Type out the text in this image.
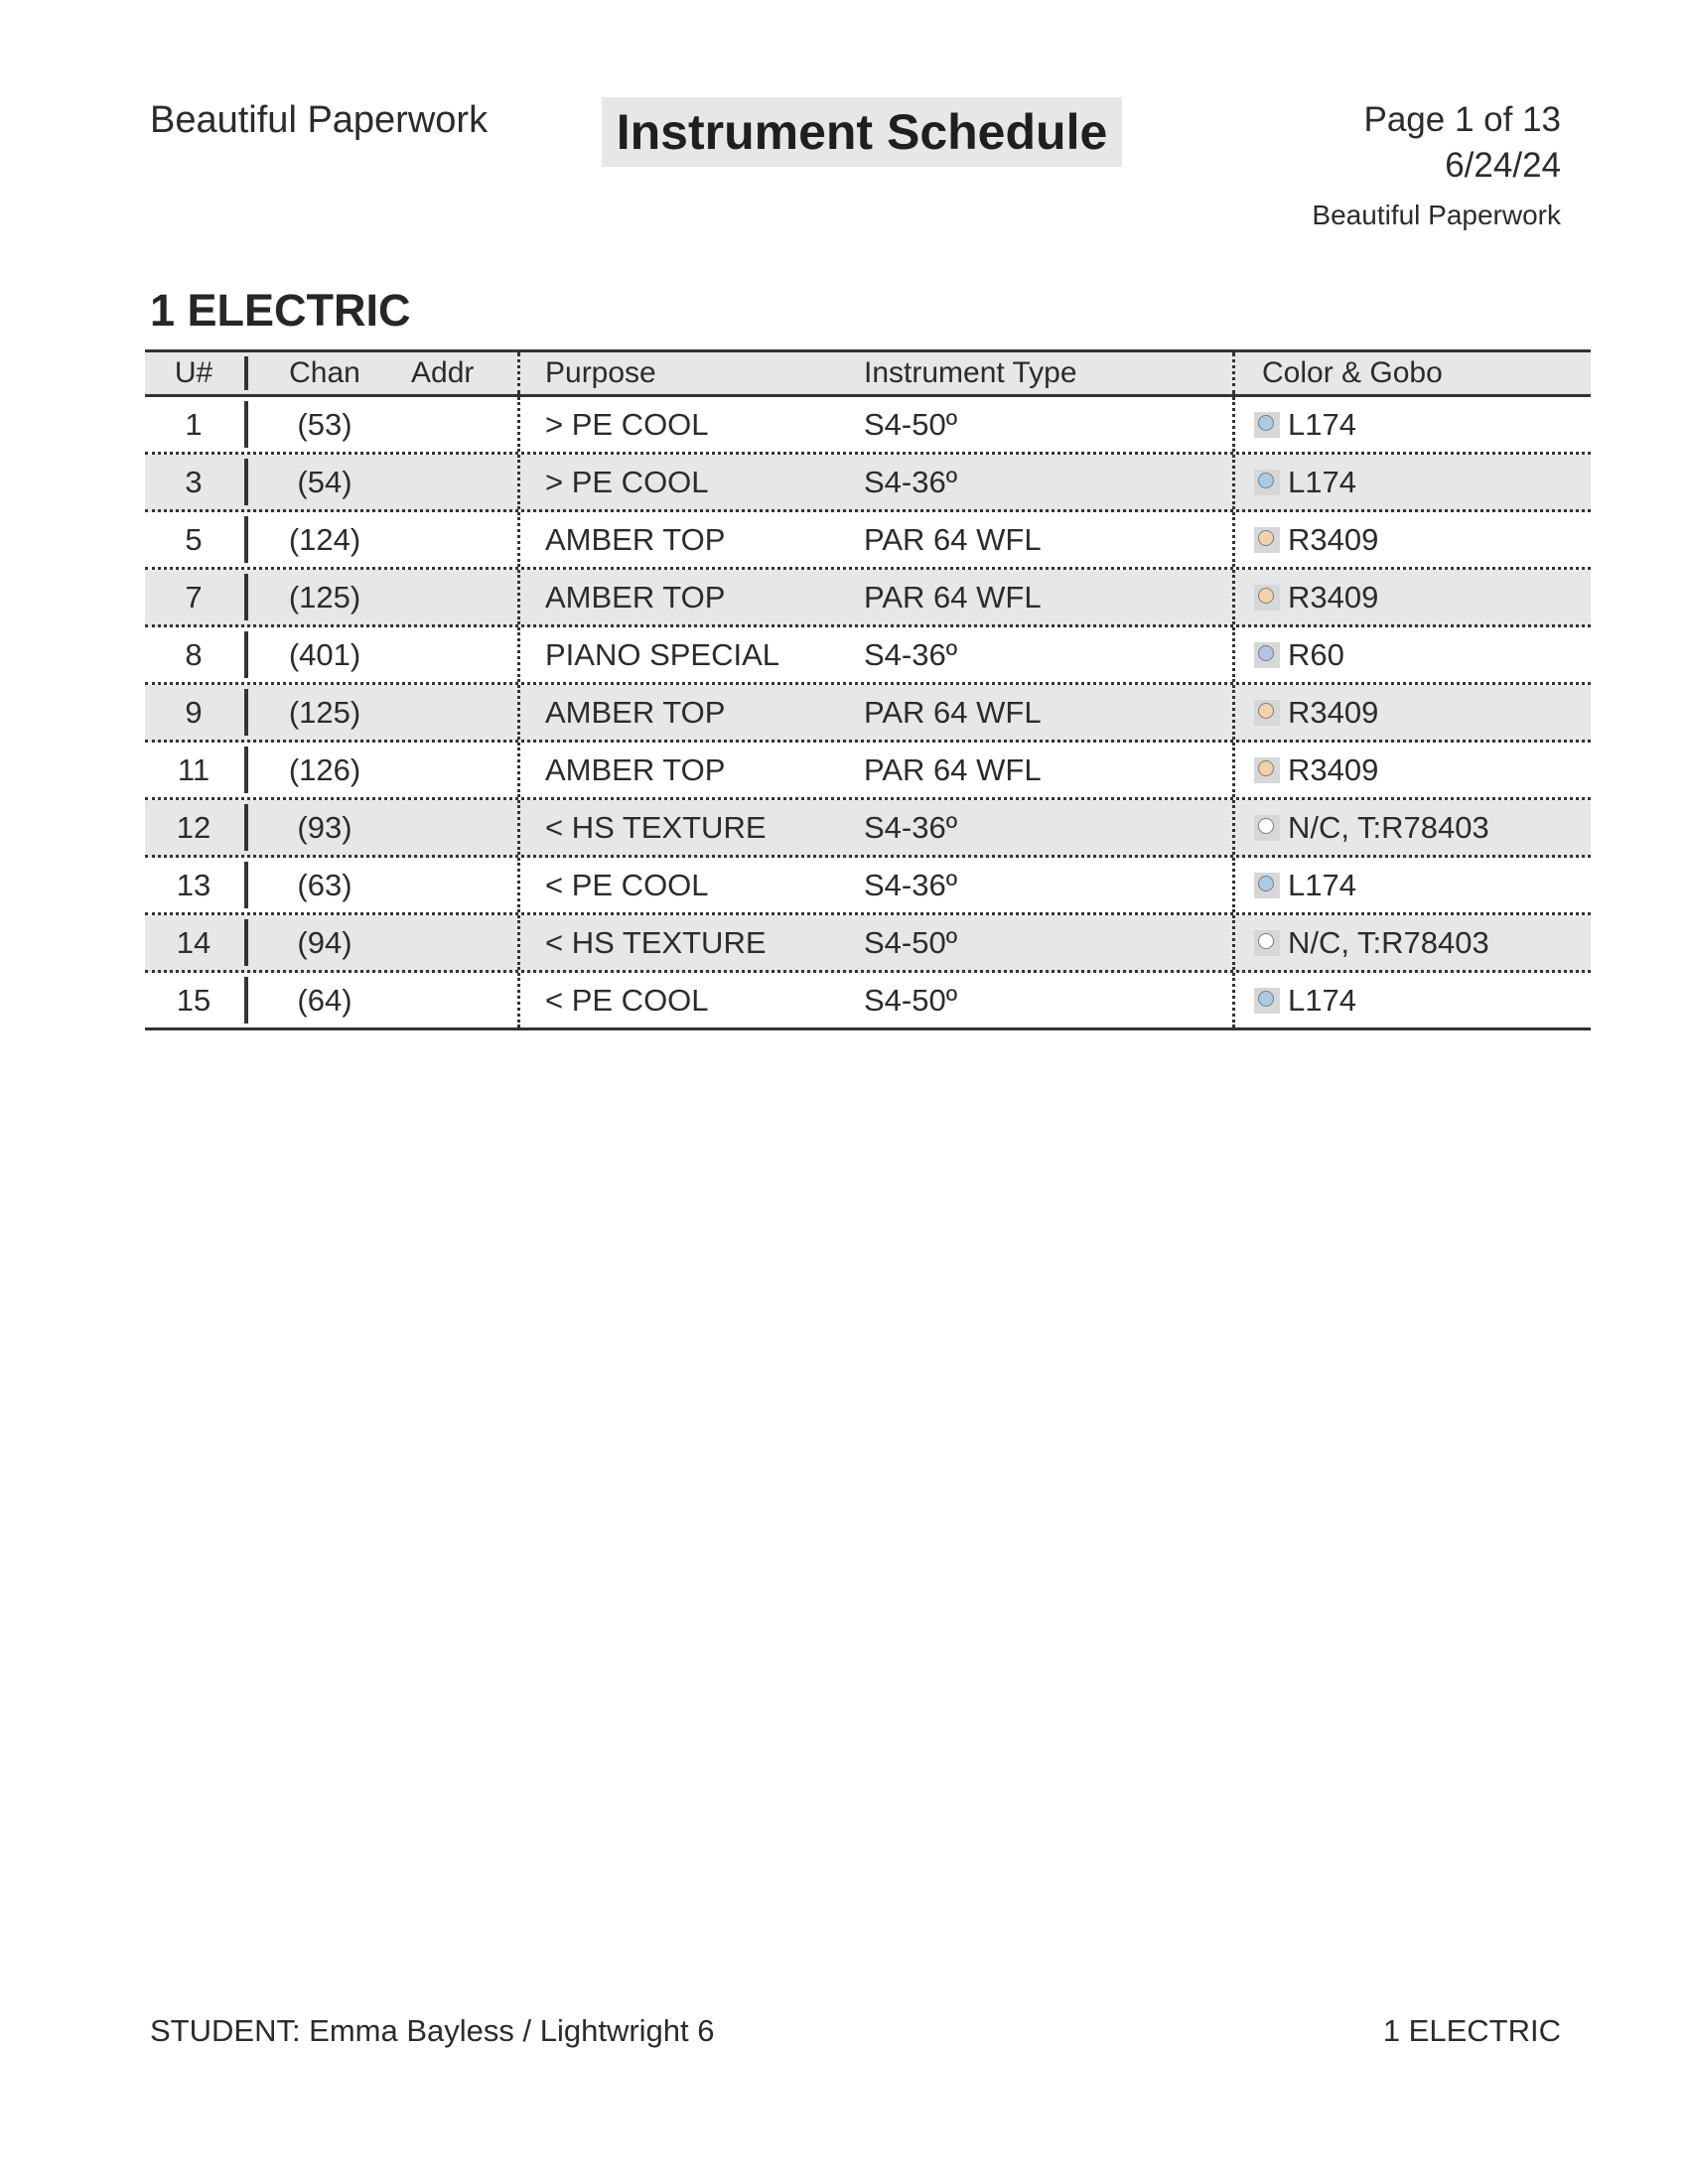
Beautiful Paperwork	Instrument Schedule	Page 1 of 13
6/24/24
Beautiful Paperwork
1 ELECTRIC
U#	Chan	Addr Purpose	Instrument Type	Color & Gobo
1	(53)	> PE COOL	S4-50º	L174
3	(54)	> PE COOL	S4-36º	L174
5	(124)	AMBER TOP	PAR 64 WFL	R3409
7	(125)	AMBER TOP	PAR 64 WFL	R3409
8	(401)	PIANO SPECIAL	S4-36º	R60
9	(125)	AMBER TOP	PAR 64 WFL	R3409
11	(126)	AMBER TOP	PAR 64 WFL	R3409
12	(93)	< HS TEXTURE	S4-36º	N/C, T:R78403
13	(63)	< PE COOL	S4-36º	L174
14	(94)	< HS TEXTURE	S4-50º	N/C, T:R78403
15	(64)	< PE COOL	S4-50º	L174
STUDENT: Emma Bayless / Lightwright 6	1 ELECTRIC
